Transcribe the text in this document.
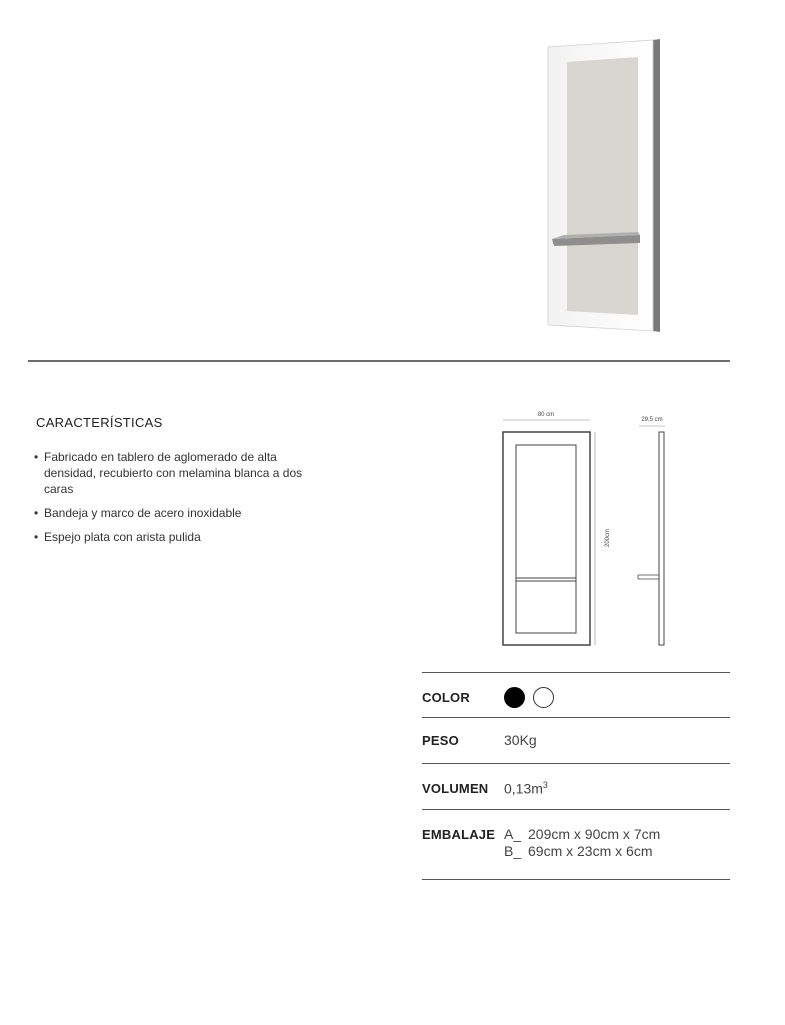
CARACTERÍSTICAS
• Fabricado en tablero de aglomerado de alta densidad, recubierto con melamina blanca a dos caras
• Bandeja y marco de acero inoxidable
• Espejo plata con arista pulida
80 cm
200cm
29,5 cm
COLOR

PESO	30Kg
VOLUMEN	$0,13m^3$
EMBALAJE A_ 209cm x 90cm x 7cm
B_ 69cm x 23cm x 6cm
